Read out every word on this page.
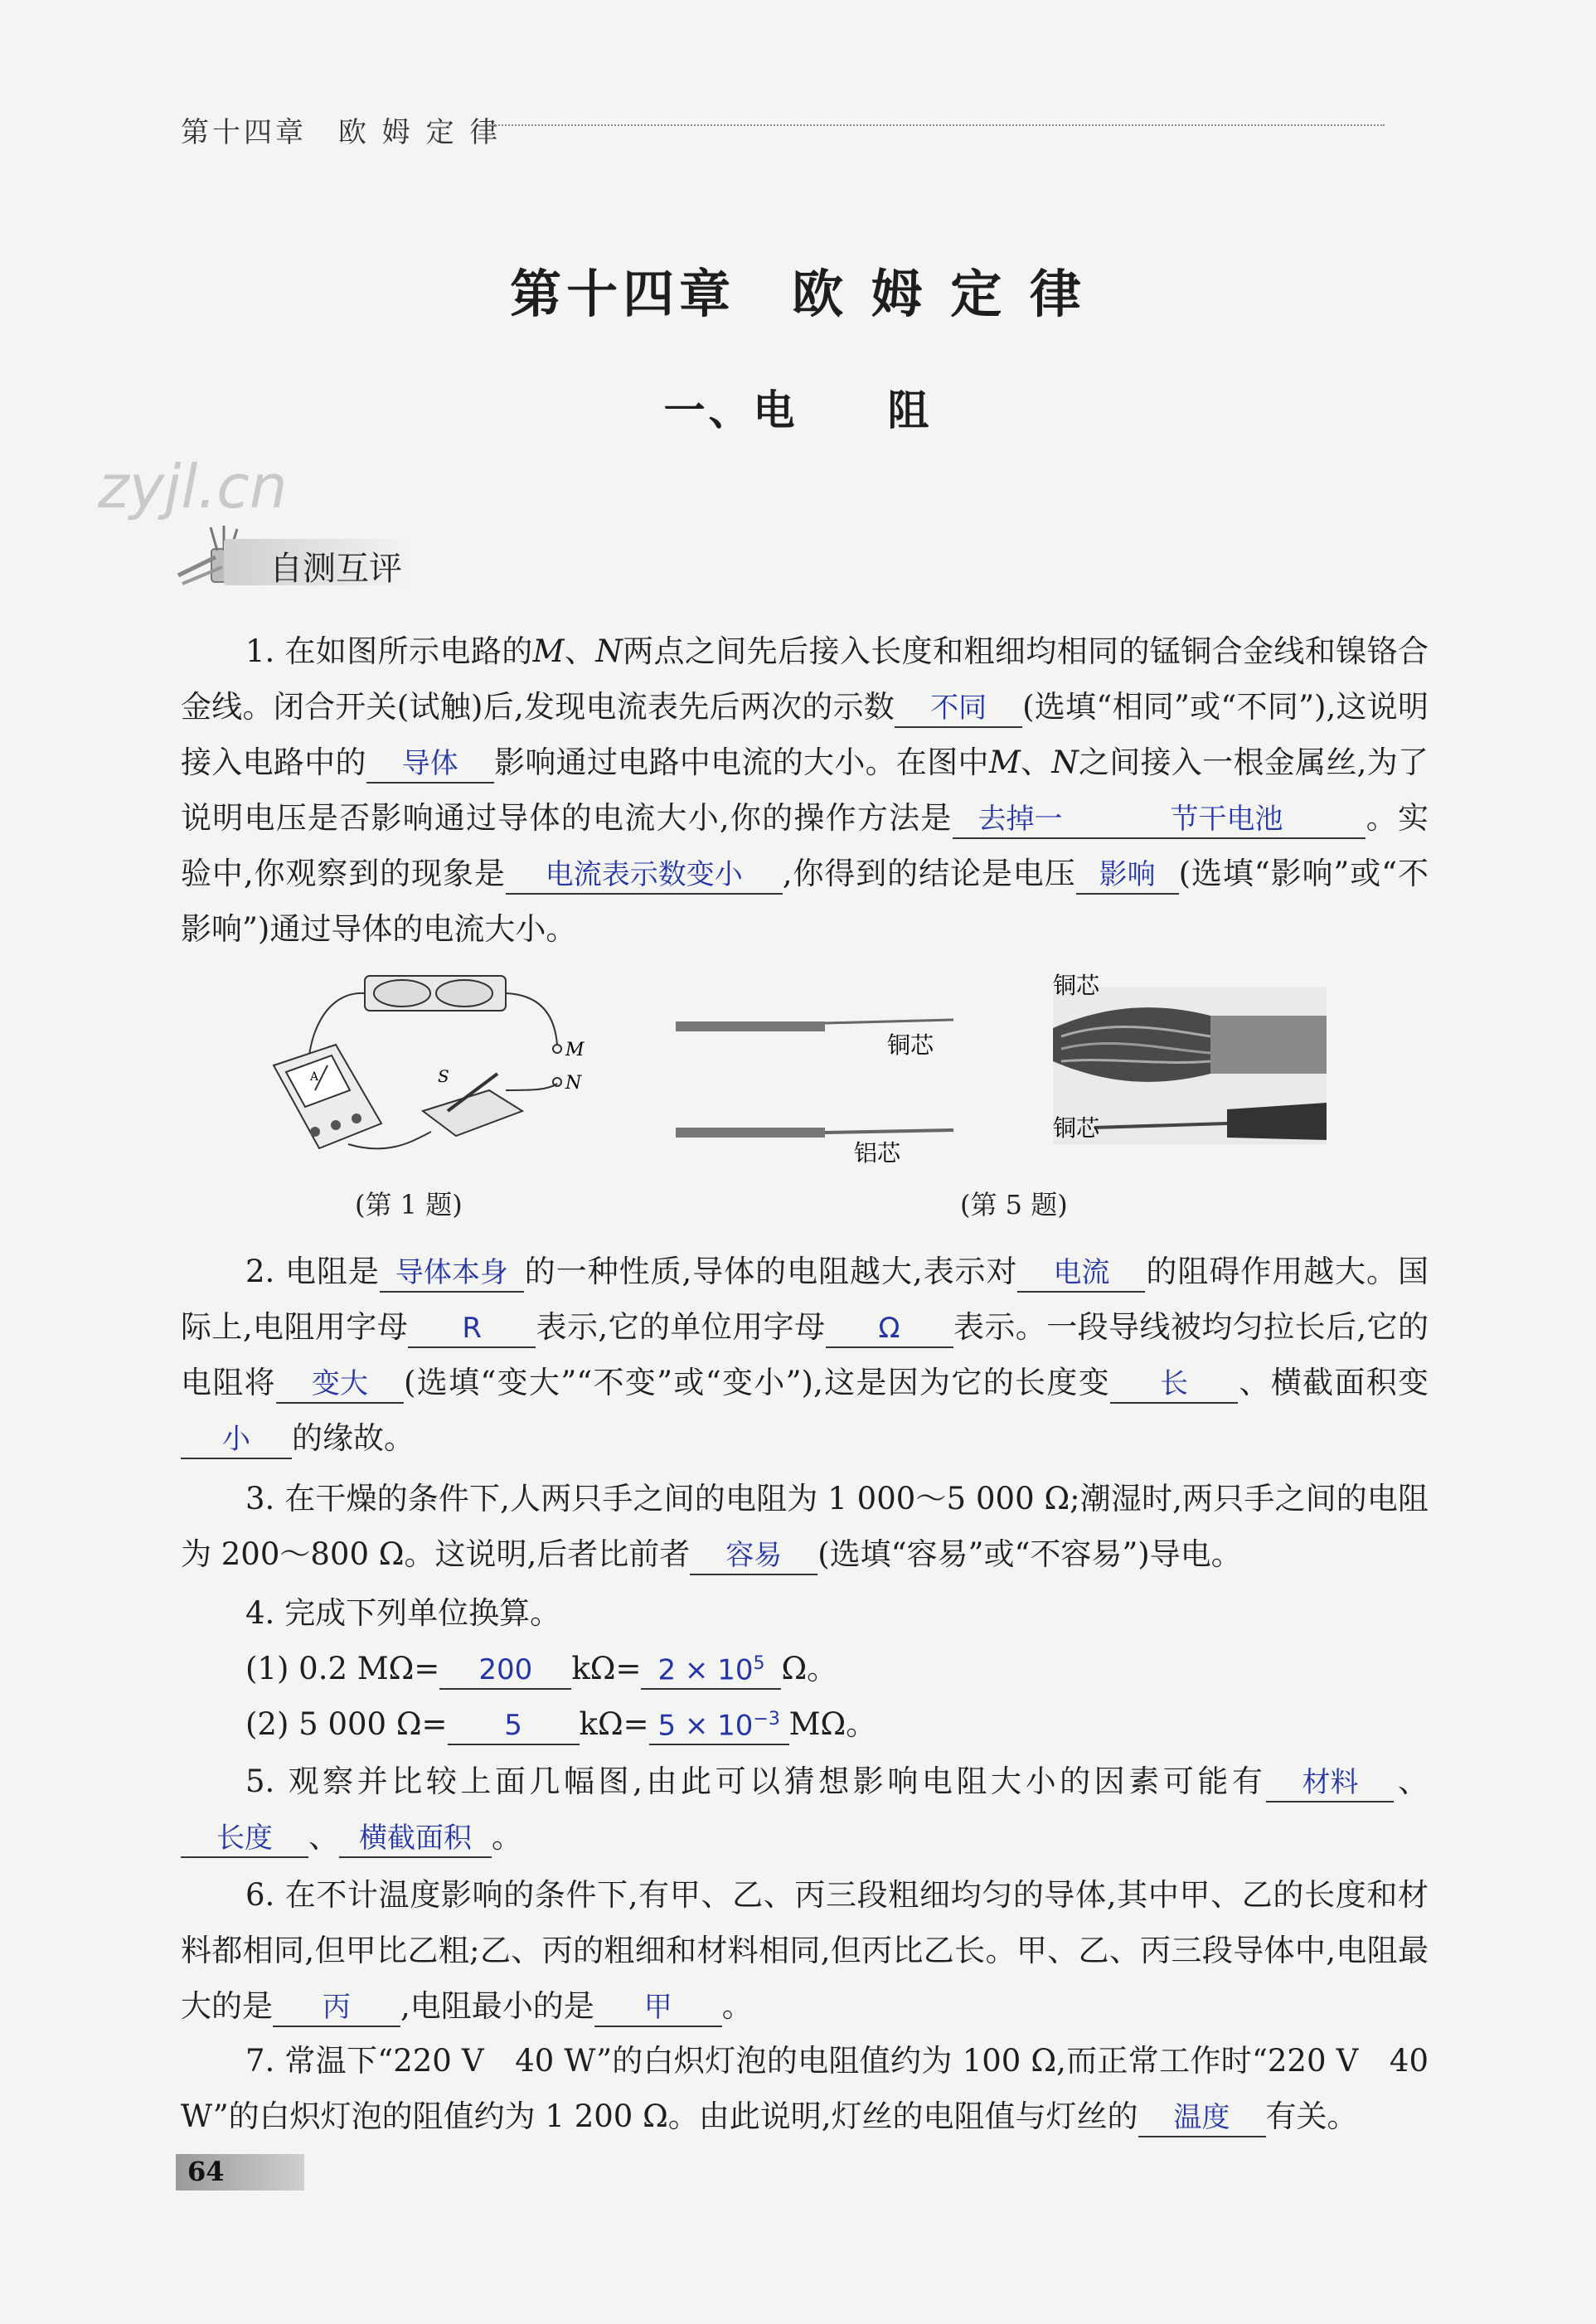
第十四章　欧 姆 定 律
第十四章　欧 姆 定 律
一、电　　阻
zyjl.cn
自测互评

1. 在如图所示电路的M、N两点之间先后接入长度和粗细均相同的锰铜合金线和镍铬合金线。闭合开关(试触)后,发现电流表先后两次的示数 不同 (选填“相同”或“不同”),这说明接入电路中的 导体 影响通过电路中电流的大小。在图中M、N之间接入一根金属丝,为了说明电压是否影响通过导体的电流大小,你的操作方法是 去掉一	节干电池	。实验中,你观察到的现象是 电流表示数变小 ,你得到的结论是电压 影响 (选填“影响”或“不影响”)通过导体的电流大小。

A	S
M
N
(第 1 题)
铜芯
铝芯
铜芯
铜芯
(第 5 题)

2. 电阻是 导体本身 的一种性质,导体的电阻越大,表示对 电流 的阻碍作用越大。国际上,电阻用字母 R 表示,它的单位用字母 Ω 表示。一段导线被均匀拉长后,它的电阻将 变大 (选填“变大”“不变”或“变小”),这是因为它的长度变 长 、横截面积变小 的缘故。

3. 在干燥的条件下,人两只手之间的电阻为 1 000～5 000 Ω;潮湿时,两只手之间的电阻为 200～800 Ω。这说明,后者比前者 容易 (选填“容易”或“不容易”)导电。

4. 完成下列单位换算。

(1) 0.2 MΩ= 200 $k\Omega= 2 \times 10^5$ Ω。

(2) 5 000 Ω= 5 $k\Omega= 5 \times 10^{-3}$ MΩ。

5. 观察并比较上面几幅图,由此可以猜想影响电阻大小的因素可能有 材料 、长度 、 横截面积 。

6. 在不计温度影响的条件下,有甲、乙、丙三段粗细均匀的导体,其中甲、乙的长度和材料都相同,但甲比乙粗;乙、丙的粗细和材料相同,但丙比乙长。甲、乙、丙三段导体中,电阻最大的是 丙 ,电阻最小的是 甲 。

7. 常温下“220 V　40 W”的白炽灯泡的电阻值约为 100 Ω,而正常工作时“220 V　40 W”的白炽灯泡的阻值约为 1 200 Ω。由此说明,灯丝的电阻值与灯丝的 温度 有关。

64
